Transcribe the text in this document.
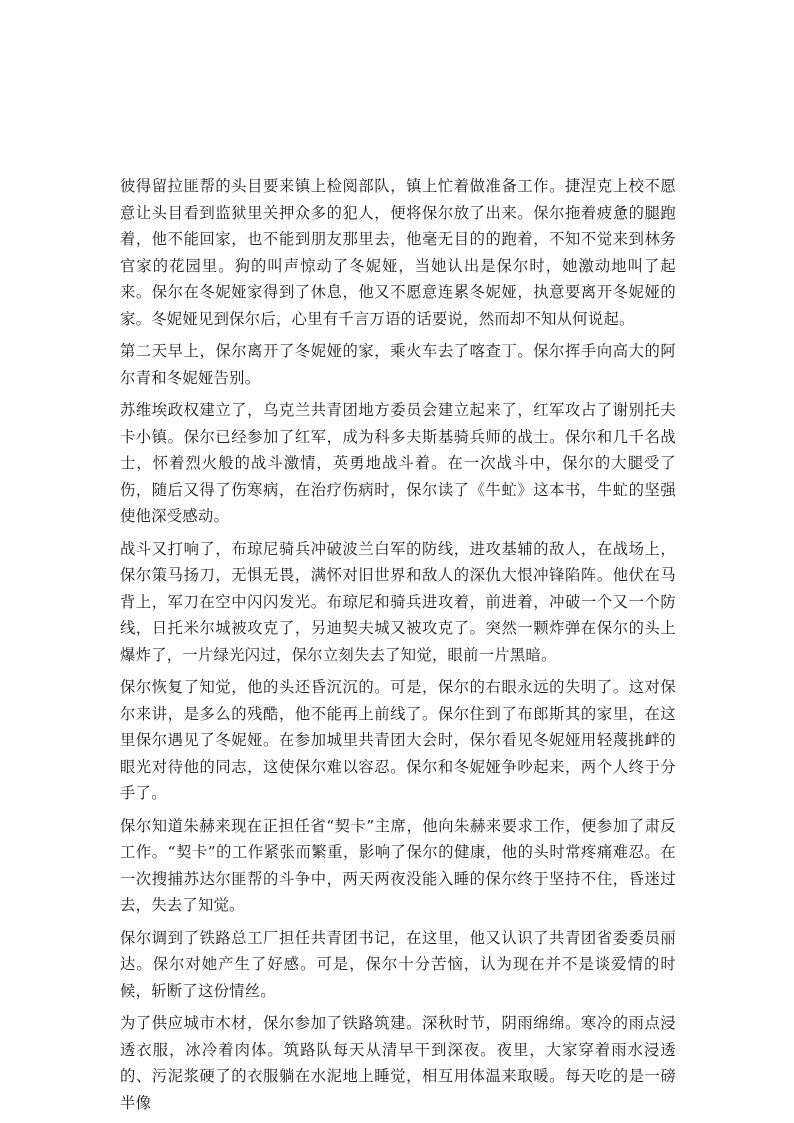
彼得留拉匪帮的头目要来镇上检阅部队，镇上忙着做准备工作。捷涅克上校不愿意让头目看到监狱里关押众多的犯人，便将保尔放了出来。保尔拖着疲惫的腿跑着，他不能回家，也不能到朋友那里去，他毫无目的的跑着，不知不觉来到林务官家的花园里。狗的叫声惊动了冬妮娅，当她认出是保尔时，她激动地叫了起来。保尔在冬妮娅家得到了休息，他又不愿意连累冬妮娅，执意要离开冬妮娅的家。冬妮娅见到保尔后，心里有千言万语的话要说，然而却不知从何说起。

第二天早上，保尔离开了冬妮娅的家，乘火车去了喀查丁。保尔挥手向高大的阿尔青和冬妮娅告别。

苏维埃政权建立了，乌克兰共青团地方委员会建立起来了，红军攻占了谢别托夫卡小镇。保尔已经参加了红军，成为科多夫斯基骑兵师的战士。保尔和几千名战士，怀着烈火般的战斗激情，英勇地战斗着。在一次战斗中，保尔的大腿受了伤，随后又得了伤寒病，在治疗伤病时，保尔读了《牛虻》这本书，牛虻的坚强使他深受感动。

战斗又打响了，布琼尼骑兵冲破波兰白军的防线，进攻基辅的敌人，在战场上，保尔策马扬刀，无惧无畏，满怀对旧世界和敌人的深仇大恨冲锋陷阵。他伏在马背上，军刀在空中闪闪发光。布琼尼和骑兵进攻着，前进着，冲破一个又一个防线，日托米尔城被攻克了，另迪契夫城又被攻克了。突然一颗炸弹在保尔的头上爆炸了，一片绿光闪过，保尔立刻失去了知觉，眼前一片黑暗。

保尔恢复了知觉，他的头还昏沉沉的。可是，保尔的右眼永远的失明了。这对保尔来讲，是多么的残酷，他不能再上前线了。保尔住到了布郎斯其的家里，在这里保尔遇见了冬妮娅。在参加城里共青团大会时，保尔看见冬妮娅用轻蔑挑衅的眼光对待他的同志，这使保尔难以容忍。保尔和冬妮娅争吵起来，两个人终于分手了。

保尔知道朱赫来现在正担任省“契卡”主席，他向朱赫来要求工作，便参加了肃反工作。“契卡”的工作紧张而繁重，影响了保尔的健康，他的头时常疼痛难忍。在一次搜捕苏达尔匪帮的斗争中，两天两夜没能入睡的保尔终于坚持不住，昏迷过去，失去了知觉。

保尔调到了铁路总工厂担任共青团书记，在这里，他又认识了共青团省委委员丽达。保尔对她产生了好感。可是，保尔十分苦恼，认为现在并不是谈爱情的时候，斩断了这份情丝。

为了供应城市木材，保尔参加了铁路筑建。深秋时节，阴雨绵绵。寒冷的雨点浸透衣服，冰冷着肉体。筑路队每天从清早干到深夜。夜里，大家穿着雨水浸透的、污泥浆硬了的衣服躺在水泥地上睡觉，相互用体温来取暖。每天吃的是一磅半像
